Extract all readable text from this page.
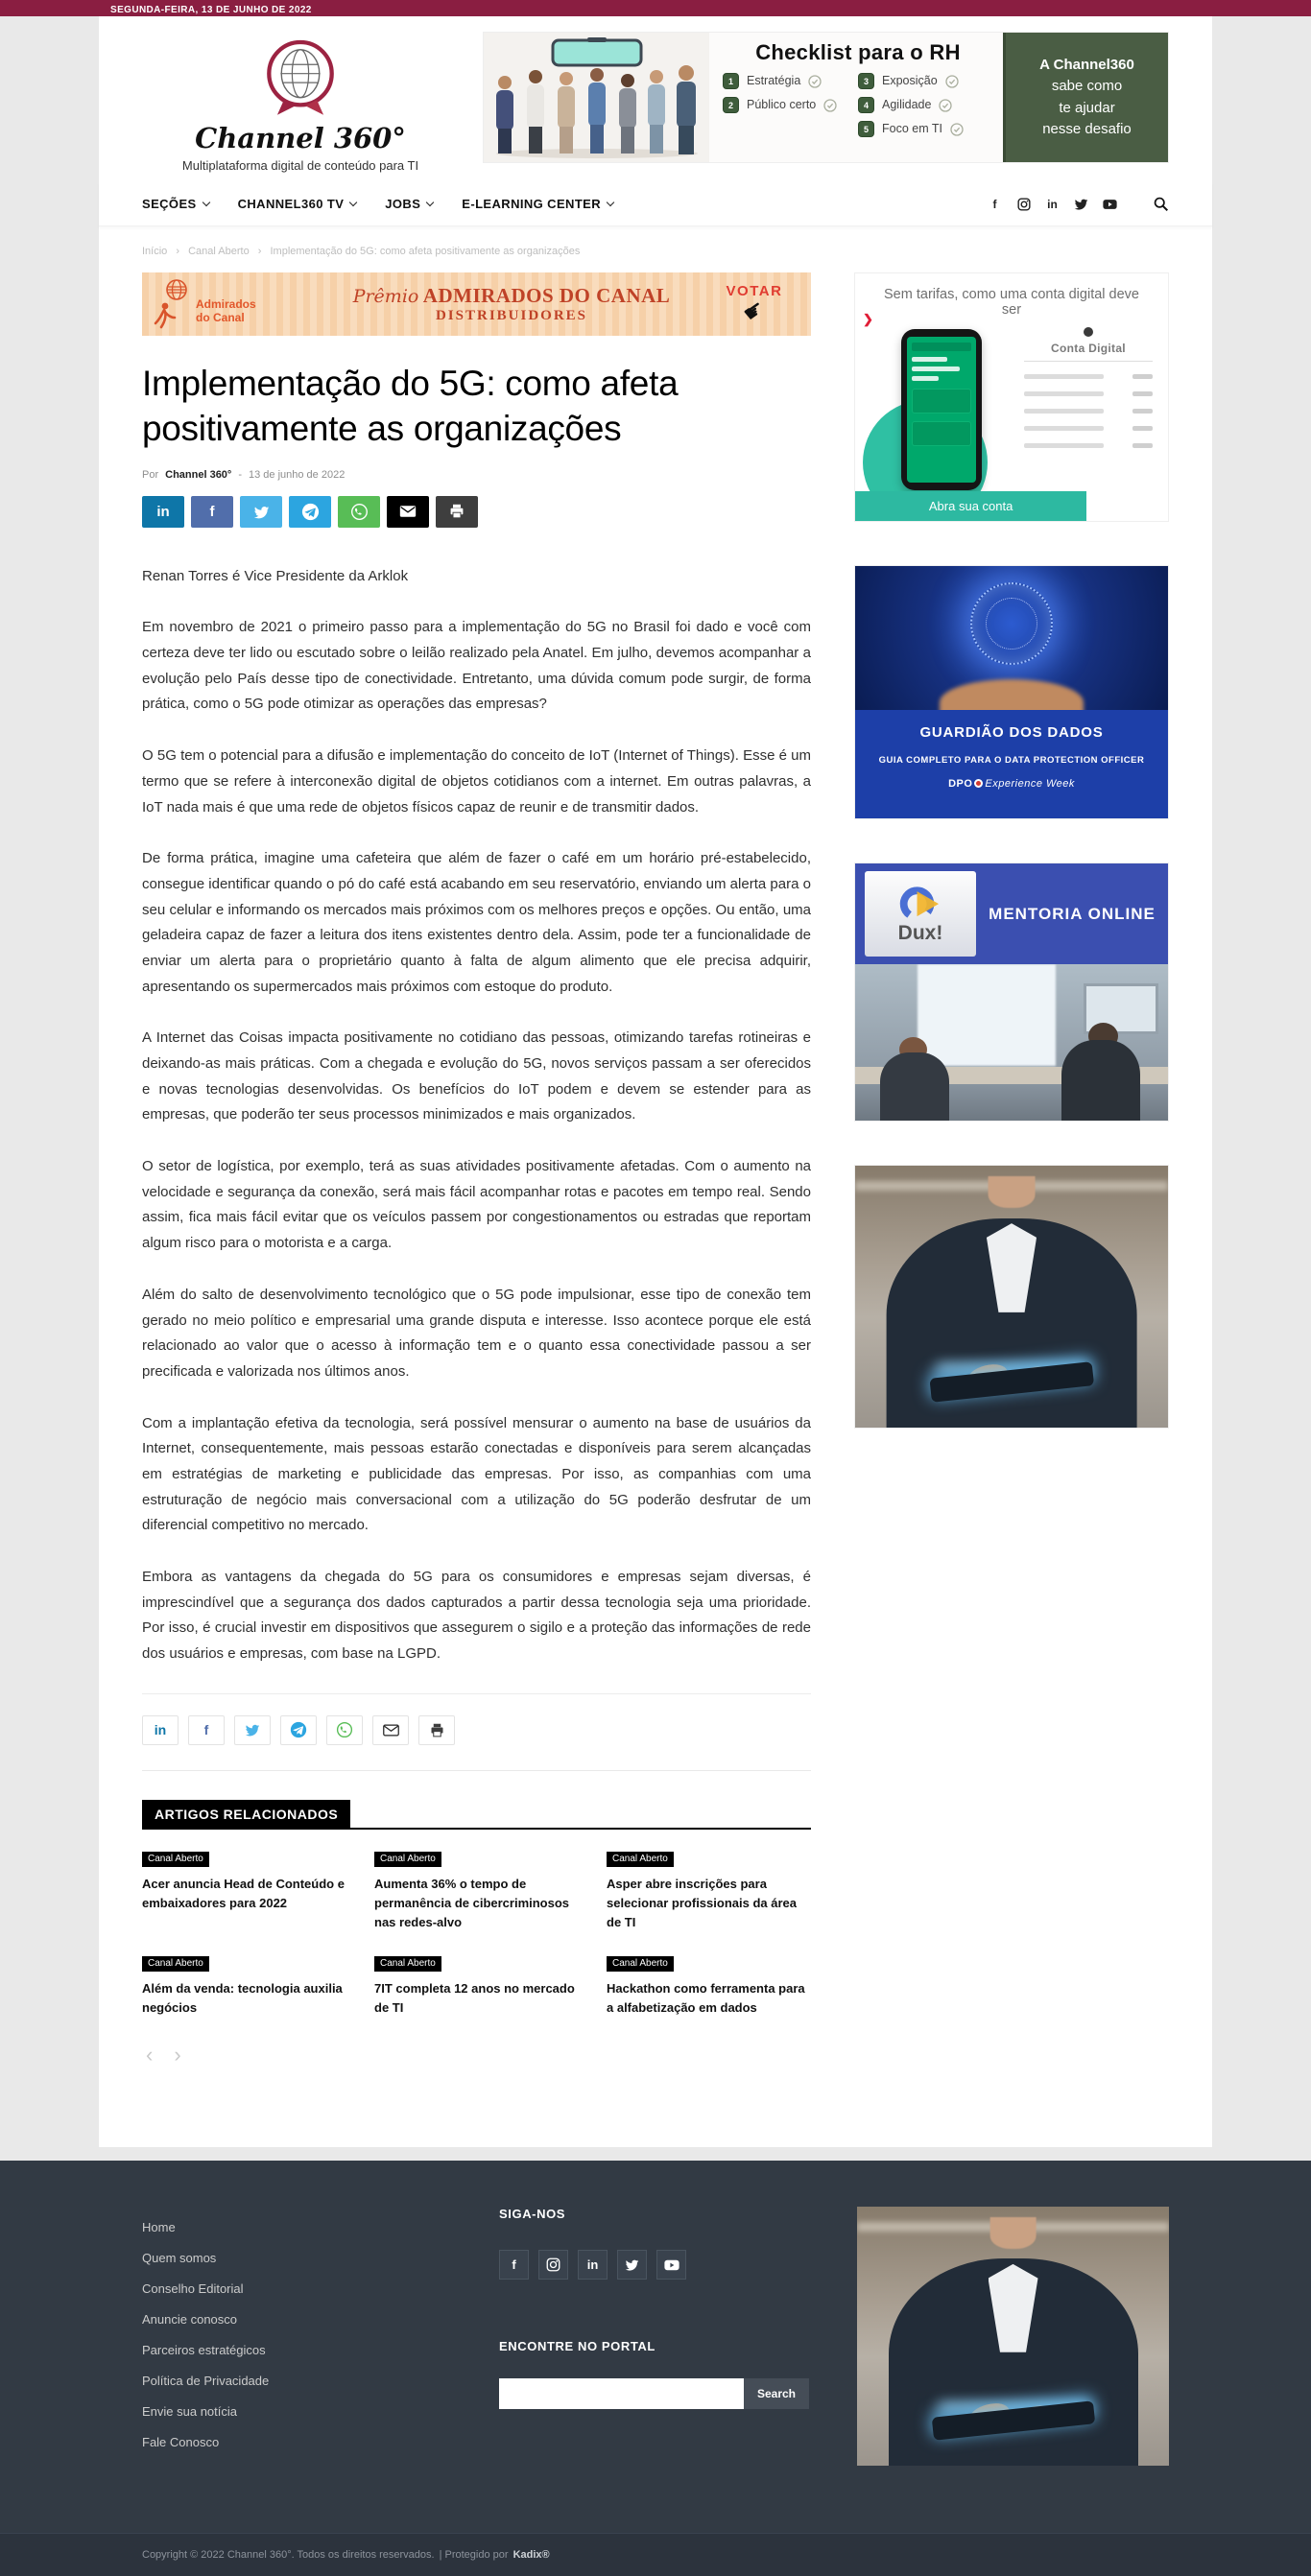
SEGUNDA-FEIRA, 13 DE JUNHO DE 2022
Channel 360°
Multiplataforma digital de conteúdo para TI
Checklist para o RH
1	Estratégia
2	Público certo
3	Exposição
4	Agilidade
5	Foco em TI
A Channel360
sabe como
te ajudar
nesse desafio
SEÇÕES	CHANNEL360 TV	JOBS	E-LEARNING CENTER	f	in
Início › Canal Aberto › Implementação do 5G: como afeta positivamente as organizações
Admirados
do Canal
Prêmio ADMIRADOS DO CANAL
DISTRIBUIDORES
VOTAR
☛
Implementação do 5G: como afeta positivamente as organizações
Por Channel 360° - 13 de junho de 2022
in	f

Renan Torres é Vice Presidente da Arklok

Em novembro de 2021 o primeiro passo para a implementação do 5G no Brasil foi dado e você com certeza deve ter lido ou escutado sobre o leilão realizado pela Anatel. Em julho, devemos acompanhar a evolução pelo País desse tipo de conectividade. Entretanto, uma dúvida comum pode surgir, de forma prática, como o 5G pode otimizar as operações das empresas?

O 5G tem o potencial para a difusão e implementação do conceito de IoT (Internet of Things). Esse é um termo que se refere à interconexão digital de objetos cotidianos com a internet. Em outras palavras, a IoT nada mais é que uma rede de objetos físicos capaz de reunir e de transmitir dados.

De forma prática, imagine uma cafeteira que além de fazer o café em um horário pré-estabelecido, consegue identificar quando o pó do café está acabando em seu reservatório, enviando um alerta para o seu celular e informando os mercados mais próximos com os melhores preços e opções. Ou então, uma geladeira capaz de fazer a leitura dos itens existentes dentro dela. Assim, pode ter a funcionalidade de enviar um alerta para o proprietário quanto à falta de algum alimento que ele precisa adquirir, apresentando os supermercados mais próximos com estoque do produto.

A Internet das Coisas impacta positivamente no cotidiano das pessoas, otimizando tarefas rotineiras e deixando-as mais práticas. Com a chegada e evolução do 5G, novos serviços passam a ser oferecidos e novas tecnologias desenvolvidas. Os benefícios do IoT podem e devem se estender para as empresas, que poderão ter seus processos minimizados e mais organizados.

O setor de logística, por exemplo, terá as suas atividades positivamente afetadas. Com o aumento na velocidade e segurança da conexão, será mais fácil acompanhar rotas e pacotes em tempo real. Sendo assim, fica mais fácil evitar que os veículos passem por congestionamentos ou estradas que reportam algum risco para o motorista e a carga.

Além do salto de desenvolvimento tecnológico que o 5G pode impulsionar, esse tipo de conexão tem gerado no meio político e empresarial uma grande disputa e interesse. Isso acontece porque ele está relacionado ao valor que o acesso à informação tem e o quanto essa conectividade passou a ser precificada e valorizada nos últimos anos.

Com a implantação efetiva da tecnologia, será possível mensurar o aumento na base de usuários da Internet, consequentemente, mais pessoas estarão conectadas e disponíveis para serem alcançadas em estratégias de marketing e publicidade das empresas. Por isso, as companhias com uma estruturação de negócio mais conversacional com a utilização do 5G poderão desfrutar de um diferencial competitivo no mercado.

Embora as vantagens da chegada do 5G para os consumidores e empresas sejam diversas, é imprescindível que a segurança dos dados capturados a partir dessa tecnologia seja uma prioridade. Por isso, é crucial investir em dispositivos que assegurem o sigilo e a proteção das informações de rede dos usuários e empresas, com base na LGPD.

in	f
ARTIGOS RELACIONADOS
Canal Aberto
Acer anuncia Head de Conteúdo e embaixadores para 2022
Canal Aberto
Aumenta 36% o tempo de permanência de cibercriminosos nas redes-alvo
Canal Aberto
Asper abre inscrições para selecionar profissionais da área de TI
Canal Aberto
Além da venda: tecnologia auxilia negócios
Canal Aberto
7IT completa 12 anos no mercado de TI
Canal Aberto
Hackathon como ferramenta para a alfabetização em dados
‹ ›
Sem tarifas, como uma conta digital deve ser
❯
Conta Digital
Abra sua conta
GUARDIÃO DOS DADOS
GUIA COMPLETO PARA O DATA PROTECTION OFFICER
DPO Experience Week
Dux!
MENTORIA ONLINE
Home
Quem somos
Conselho Editorial
Anuncie conosco
Parceiros estratégicos
Política de Privacidade
Envie sua notícia
Fale Conosco
SIGA-NOS
f	in
ENCONTRE NO PORTAL
Search
Copyright © 2022 Channel 360°. Todos os direitos reservados. | Protegido por Kadix®
